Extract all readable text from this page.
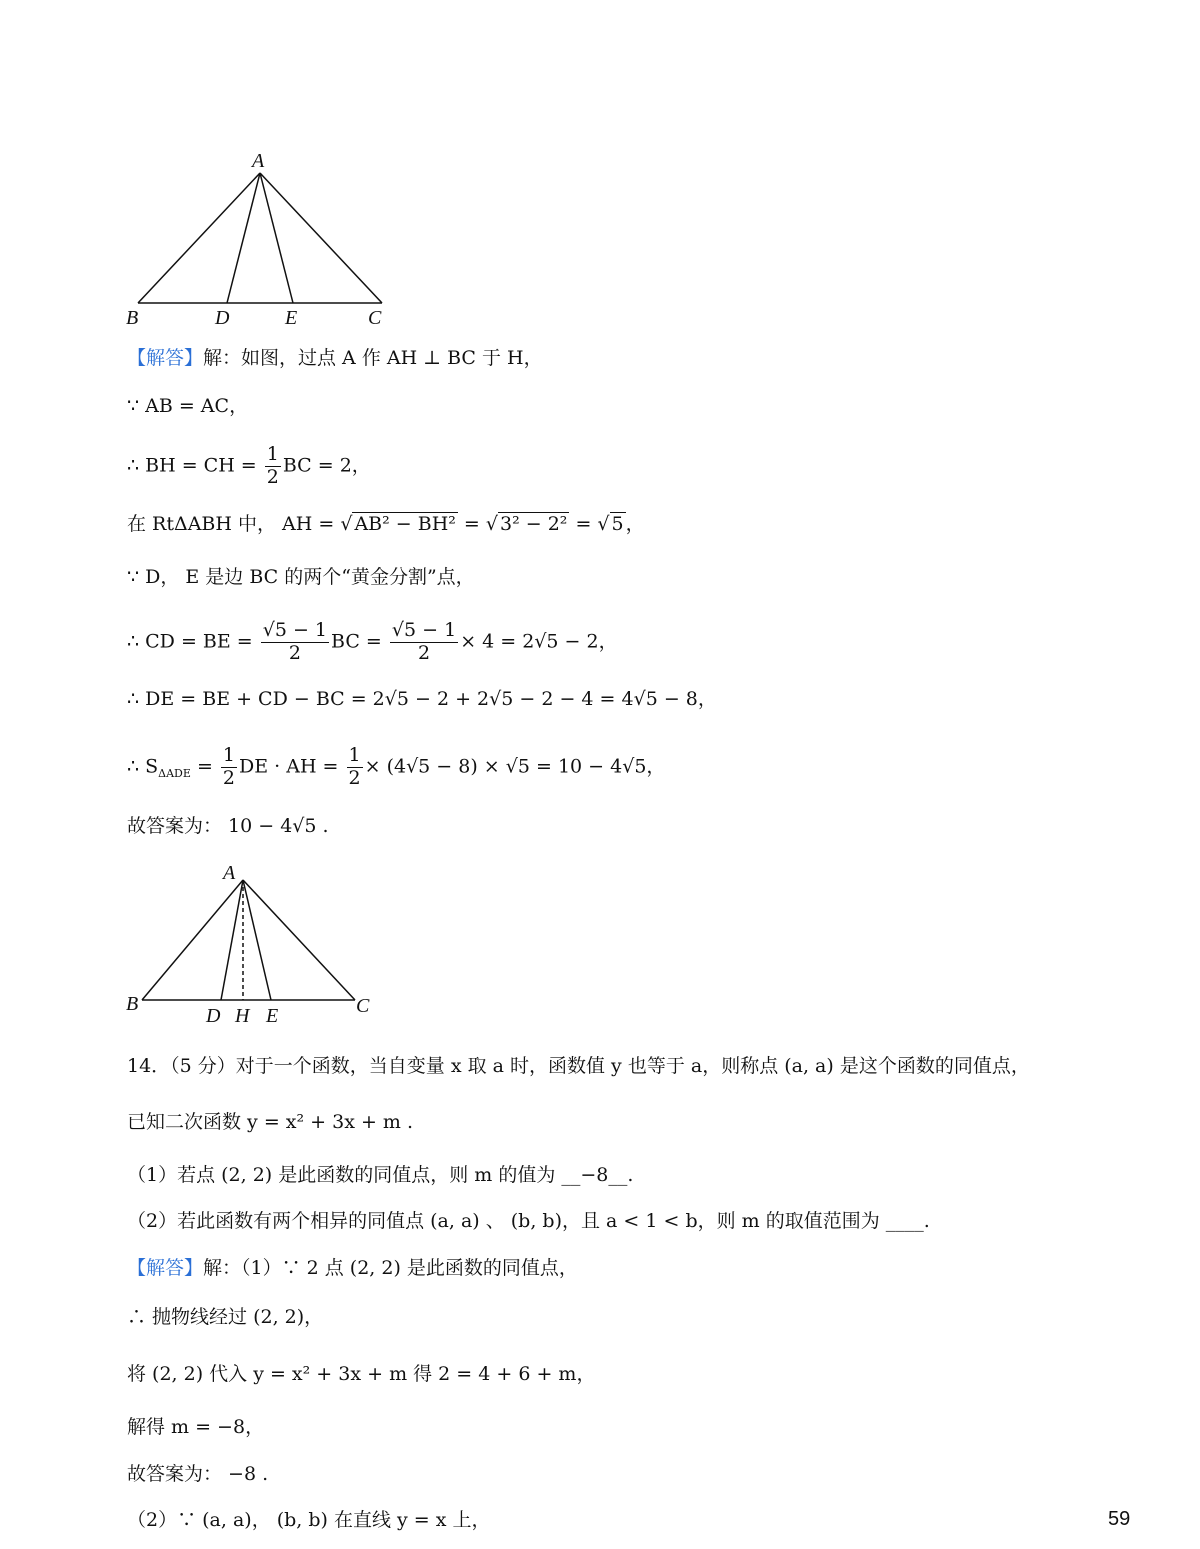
A
B	D	E	C
【解答】解：如图，过点 A 作 AH ⊥ BC 于 H，
∵ AB = AC，
∴ BH = CH = $\frac{1}{2}$ BC = 2，
在 RtΔABH 中， AH = √ AB² − BH² = √ 3² − 2² = √ 5 ，
∵ D， E 是边 BC 的两个“黄金分割”点，
∴ CD = BE = $\frac{√5 - 1}{2}$ BC = $\frac{√5 - 1}{2} \times 4 = 2√5 - 2$，
∴ DE = BE + CD − BC = 2√5 − 2 + 2√5 − 2 − 4 = 4√5 − 8，
∴ $S_{\Delta ADE} = \frac{1}{2}$ DE · AH = $\frac{1}{2} \times (4√5 - 8) \times √5 = 10 - 4√5$，
故答案为： 10 − 4√5 .
A
B
D H E	C
14．（5 分）对于一个函数，当自变量 x 取 a 时，函数值 y 也等于 a，则称点 (a, a) 是这个函数的同值点，
已知二次函数 y = x² + 3x + m .
（1）若点 (2, 2) 是此函数的同值点，则 m 的值为 __−8__.
（2）若此函数有两个相异的同值点 (a, a) 、 (b, b)，且 a < 1 < b，则 m 的取值范围为 ____.
【解答】解：（1）∵ 2 点 (2, 2) 是此函数的同值点，
∴ 抛物线经过 (2, 2)，
将 (2, 2) 代入 y = x² + 3x + m 得 2 = 4 + 6 + m，
解得 m = −8，
故答案为： −8 .
（2）∵ (a, a)， (b, b) 在直线 y = x 上，	59
